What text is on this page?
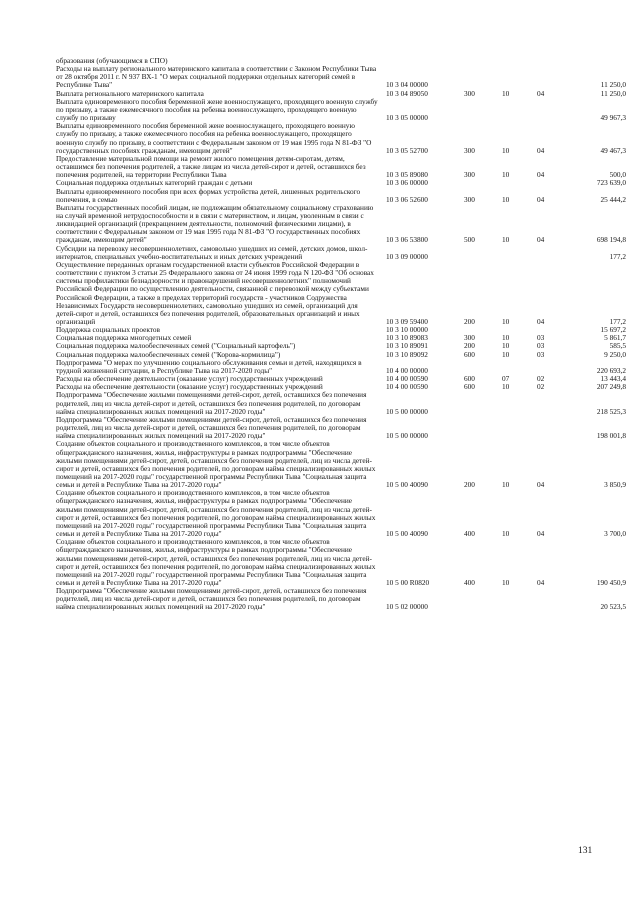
образования (обучающимся в СПО)
Расходы на выплату регионального материнского капитала в соответствии с Законом Республики Тыва от 28 октября 2011 г. N 937 ВХ-1 "О мерах социальной поддержки отдельных категорий семей в Республике Тыва"	10 3 04 00000	11 250,0
Выплата регионального материнского капитала	10 3 04 89050	300	10	04	11 250,0
Выплата единовременного пособия беременной жене военнослужащего, проходящего военную службу по призыву, а также ежемесячного пособия на ребенка военнослужащего, проходящего военную службу по призыву	10 3 05 00000	49 967,3
Выплаты единовременного пособия беременной жене военнослужащего, проходящего военную службу по призыву, а также ежемесячного пособия на ребенка военнослужащего, проходящего военную службу по призыву, в соответствии с Федеральным законом от 19 мая 1995 года N 81-ФЗ "О государственных пособиях гражданам, имеющим детей"	10 3 05 52700	300	10	04	49 467,3
Предоставление материальной помощи на ремонт жилого помещения детям-сиротам, детям, оставшимся без попечения родителей, а также лицам из числа детей-сирот и детей, оставшихся без попечения родителей, на территории Республики Тыва	10 3 05 89080	300	10	04	500,0
Социальная поддержка отдельных категорий граждан с детьми	10 3 06 00000	723 639,0
Выплаты единовременного пособия при всех формах устройства детей, лишенных родительского попечения, в семью	10 3 06 52600	300	10	04	25 444,2
Выплаты государственных пособий лицам, не подлежащим обязательному социальному страхованию на случай временной нетрудоспособности и в связи с материнством, и лицам, уволенным в связи с ликвидацией организаций (прекращением деятельности, полномочий физическими лицами), в соответствии с Федеральным законом от 19 мая 1995 года N 81-ФЗ "О государственных пособиях гражданам, имеющим детей"	10 3 06 53800	500	10	04	698 194,8
Субсидии на перевозку несовершеннолетних, самовольно ушедших из семей, детских домов, школ-интернатов, специальных учебно-воспитательных и иных детских учреждений	10 3 09 00000	177,2
Осуществление переданных органам государственной власти субъектов Российской Федерации в соответствии с пунктом 3 статьи 25 Федерального закона от 24 июня 1999 года N 120-ФЗ "Об основах системы профилактики безнадзорности и правонарушений несовершеннолетних" полномочий Российской Федерации по осуществлению деятельности, связанной с перевозкой между субъектами Российской Федерации, а также в пределах территорий государств - участников Содружества Независимых Государств несовершеннолетних, самовольно ушедших из семей, организаций для детей-сирот и детей, оставшихся без попечения родителей, образовательных организаций и иных организаций	10 3 09 59400	200	10	04	177,2
Поддержка социальных проектов	10 3 10 00000	15 697,2
Социальная поддержка многодетных семей	10 3 10 89083	300	10	03	5 861,7
Социальная поддержка малообеспеченных семей ("Социальный картофель")	10 3 10 89091	200	10	03	585,5
Социальная поддержка малообеспеченных семей ("Корова-кормилица")	10 3 10 89092	600	10	03	9 250,0
Подпрограмма "О мерах по улучшению социального обслуживания семьи и детей, находящихся в трудной жизненной ситуации, в Республике Тыва на 2017-2020 годы"	10 4 00 00000	220 693,2
Расходы на обеспечение деятельности (оказание услуг) государственных учреждений	10 4 00 00590	600	07	02	13 443,4
Расходы на обеспечение деятельности (оказание услуг) государственных учреждений	10 4 00 00590	600	10	02	207 249,8
Подпрограмма "Обеспечение жилыми помещениями детей-сирот, детей, оставшихся без попечения родителей, лиц из числа детей-сирот и детей, оставшихся без попечения родителей, по договорам найма специализированных жилых помещений на 2017-2020 годы"	10 5 00 00000	218 525,3
Подпрограмма "Обеспечение жилыми помещениями детей-сирот, детей, оставшихся без попечения родителей, лиц из числа детей-сирот и детей, оставшихся без попечения родителей, по договорам найма специализированных жилых помещений на 2017-2020 годы"	10 5 00 00000	198 001,8
Создание объектов социального и производственного комплексов, в том числе объектов общегражданского назначения, жилья, инфраструктуры в рамках подпрограммы "Обеспечение жилыми помещениями детей-сирот, детей, оставшихся без попечения родителей, лиц из числа детей-сирот и детей, оставшихся без попечения родителей, по договорам найма специализированных жилых помещений на 2017-2020 годы" государственной программы Республики Тыва "Социальная защита семьи и детей в Республике Тыва на 2017-2020 годы"	10 5 00 40090	200	10	04	3 850,9
Создание объектов социального и производственного комплексов, в том числе объектов общегражданского назначения, жилья, инфраструктуры в рамках подпрограммы "Обеспечение жилыми помещениями детей-сирот, детей, оставшихся без попечения родителей, лиц из числа детей-сирот и детей, оставшихся без попечения родителей, по договорам найма специализированных жилых помещений на 2017-2020 годы" государственной программы Республики Тыва "Социальная защита семьи и детей в Республике Тыва на 2017-2020 годы"	10 5 00 40090	400	10	04	3 700,0
Создание объектов социального и производственного комплексов, в том числе объектов общегражданского назначения, жилья, инфраструктуры в рамках подпрограммы "Обеспечение жилыми помещениями детей-сирот, детей, оставшихся без попечения родителей, лиц из числа детей-сирот и детей, оставшихся без попечения родителей, по договорам найма специализированных жилых помещений на 2017-2020 годы" государственной программы Республики Тыва "Социальная защита семьи и детей в Республике Тыва на 2017-2020 годы"	10 5 00 R0820	400	10	04	190 450,9
Подпрограмма "Обеспечение жилыми помещениями детей-сирот, детей, оставшихся без попечения родителей, лиц из числа детей-сирот и детей, оставшихся без попечения родителей, по договорам найма специализированных жилых помещений на 2017-2020 годы"	10 5 02 00000	20 523,5
131
